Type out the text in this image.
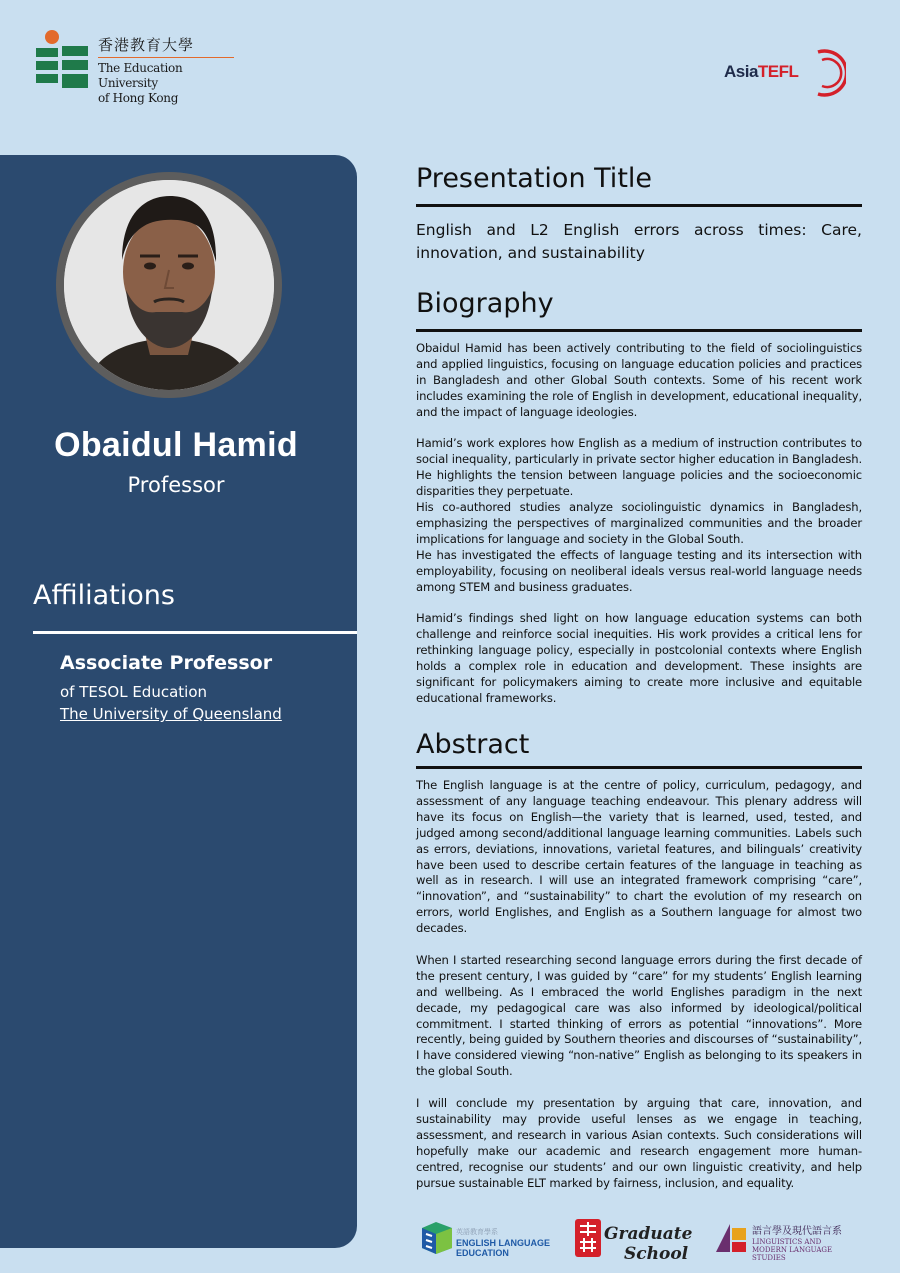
香港教育大學
The Education University
of Hong Kong
AsiaTEFL
Obaidul Hamid
Professor
Affiliations
Associate Professor
of TESOL Education
The University of Queensland
Presentation Title
English and L2 English errors across times: Care, innovation, and sustainability
Biography

Obaidul Hamid has been actively contributing to the field of sociolinguistics and applied linguistics, focusing on language education policies and practices in Bangladesh and other Global South contexts. Some of his recent work includes examining the role of English in development, educational inequality, and the impact of language ideologies.

Hamid’s work explores how English as a medium of instruction contributes to social inequality, particularly in private sector higher education in Bangladesh. He highlights the tension between language policies and the socioeconomic disparities they perpetuate.

His co-authored studies analyze sociolinguistic dynamics in Bangladesh, emphasizing the perspectives of marginalized communities and the broader implications for language and society in the Global South.

He has investigated the effects of language testing and its intersection with employability, focusing on neoliberal ideals versus real-world language needs among STEM and business graduates.

Hamid’s findings shed light on how language education systems can both challenge and reinforce social inequities. His work provides a critical lens for rethinking language policy, especially in postcolonial contexts where English holds a complex role in education and development. These insights are significant for policymakers aiming to create more inclusive and equitable educational frameworks.

Abstract

The English language is at the centre of policy, curriculum, pedagogy, and assessment of any language teaching endeavour. This plenary address will have its focus on English—the variety that is learned, used, tested, and judged among second/additional language learning communities. Labels such as errors, deviations, innovations, varietal features, and bilinguals’ creativity have been used to describe certain features of the language in teaching as well as in research. I will use an integrated framework comprising “care”, “innovation”, and “sustainability” to chart the evolution of my research on errors, world Englishes, and English as a Southern language for almost two decades.

When I started researching second language errors during the first decade of the present century, I was guided by “care” for my students’ English learning and wellbeing. As I embraced the world Englishes paradigm in the next decade, my pedagogical care was also informed by ideological/political commitment. I started thinking of errors as potential “innovations”. More recently, being guided by Southern theories and discourses of “sustainability”, I have considered viewing “non-native” English as belonging to its speakers in the global South.

I will conclude my presentation by arguing that care, innovation, and sustainability may provide useful lenses as we engage in teaching, assessment, and research in various Asian contexts. Such considerations will hopefully make our academic and research engagement more human-centred, recognise our students’ and our own linguistic creativity, and help pursue sustainable ELT marked by fairness, inclusion, and equality.

英語教育學系
ENGLISH LANGUAGE
EDUCATION
Graduate
School
語言學及現代語言系
LINGUISTICS AND
MODERN LANGUAGE STUDIES
